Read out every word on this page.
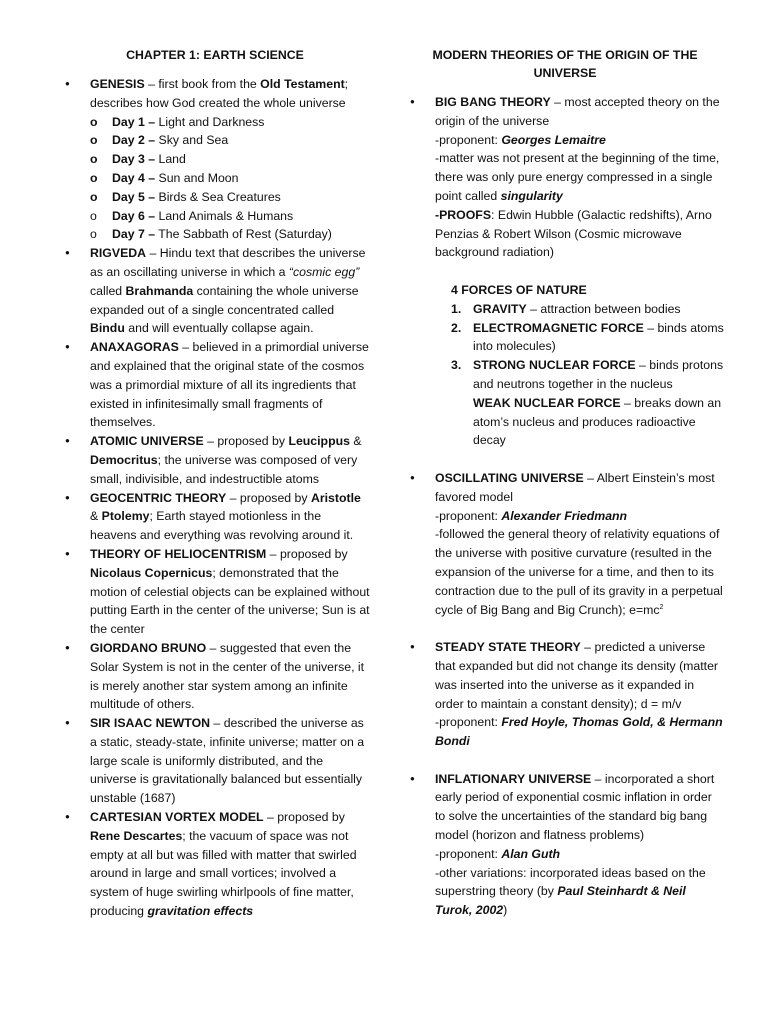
CHAPTER 1: EARTH SCIENCE
● GENESIS – first book from the Old Testament; describes how God created the whole universe
o Day 1 – Light and Darkness
o Day 2 – Sky and Sea
o Day 3 – Land
o Day 4 – Sun and Moon
o Day 5 – Birds & Sea Creatures
o Day 6 – Land Animals & Humans
o Day 7 – The Sabbath of Rest (Saturday)
● RIGVEDA – Hindu text that describes the universe as an oscillating universe in which a “cosmic egg” called Brahmanda containing the whole universe expanded out of a single concentrated called Bindu and will eventually collapse again.
● ANAXAGORAS – believed in a primordial universe and explained that the original state of the cosmos was a primordial mixture of all its ingredients that existed in infinitesimally small fragments of themselves.
● ATOMIC UNIVERSE – proposed by Leucippus & Democritus; the universe was composed of very small, indivisible, and indestructible atoms
● GEOCENTRIC THEORY – proposed by Aristotle & Ptolemy; Earth stayed motionless in the heavens and everything was revolving around it.
● THEORY OF HELIOCENTRISM – proposed by Nicolaus Copernicus; demonstrated that the motion of celestial objects can be explained without putting Earth in the center of the universe; Sun is at the center
● GIORDANO BRUNO – suggested that even the Solar System is not in the center of the universe, it is merely another star system among an infinite multitude of others.
● SIR ISAAC NEWTON – described the universe as a static, steady-state, infinite universe; matter on a large scale is uniformly distributed, and the universe is gravitationally balanced but essentially unstable (1687)
● CARTESIAN VORTEX MODEL – proposed by Rene Descartes; the vacuum of space was not empty at all but was filled with matter that swirled around in large and small vortices; involved a system of huge swirling whirlpools of fine matter, producing gravitation effects
MODERN THEORIES OF THE ORIGIN OF THE UNIVERSE
● BIG BANG THEORY – most accepted theory on the origin of the universe
-proponent: Georges Lemaitre
-matter was not present at the beginning of the time, there was only pure energy compressed in a single point called singularity
-PROOFS: Edwin Hubble (Galactic redshifts), Arno Penzias & Robert Wilson (Cosmic microwave background radiation)
4 FORCES OF NATURE
1. GRAVITY – attraction between bodies
2. ELECTROMAGNETIC FORCE – binds atoms into molecules)
3. STRONG NUCLEAR FORCE – binds protons and neutrons together in the nucleus
WEAK NUCLEAR FORCE – breaks down an atom’s nucleus and produces radioactive decay
● OSCILLATING UNIVERSE – Albert Einstein’s most favored model
-proponent: Alexander Friedmann
-followed the general theory of relativity equations of the universe with positive curvature (resulted in the expansion of the universe for a time, and then to its contraction due to the pull of its gravity in a perpetual cycle of Big Bang and Big Crunch); $e=mc^2$
● STEADY STATE THEORY – predicted a universe that expanded but did not change its density (matter was inserted into the universe as it expanded in order to maintain a constant density); d = m/v
-proponent: Fred Hoyle, Thomas Gold, & Hermann Bondi
● INFLATIONARY UNIVERSE – incorporated a short early period of exponential cosmic inflation in order to solve the uncertainties of the standard big bang model (horizon and flatness problems)
-proponent: Alan Guth
-other variations: incorporated ideas based on the superstring theory (by Paul Steinhardt & Neil Turok, 2002)
